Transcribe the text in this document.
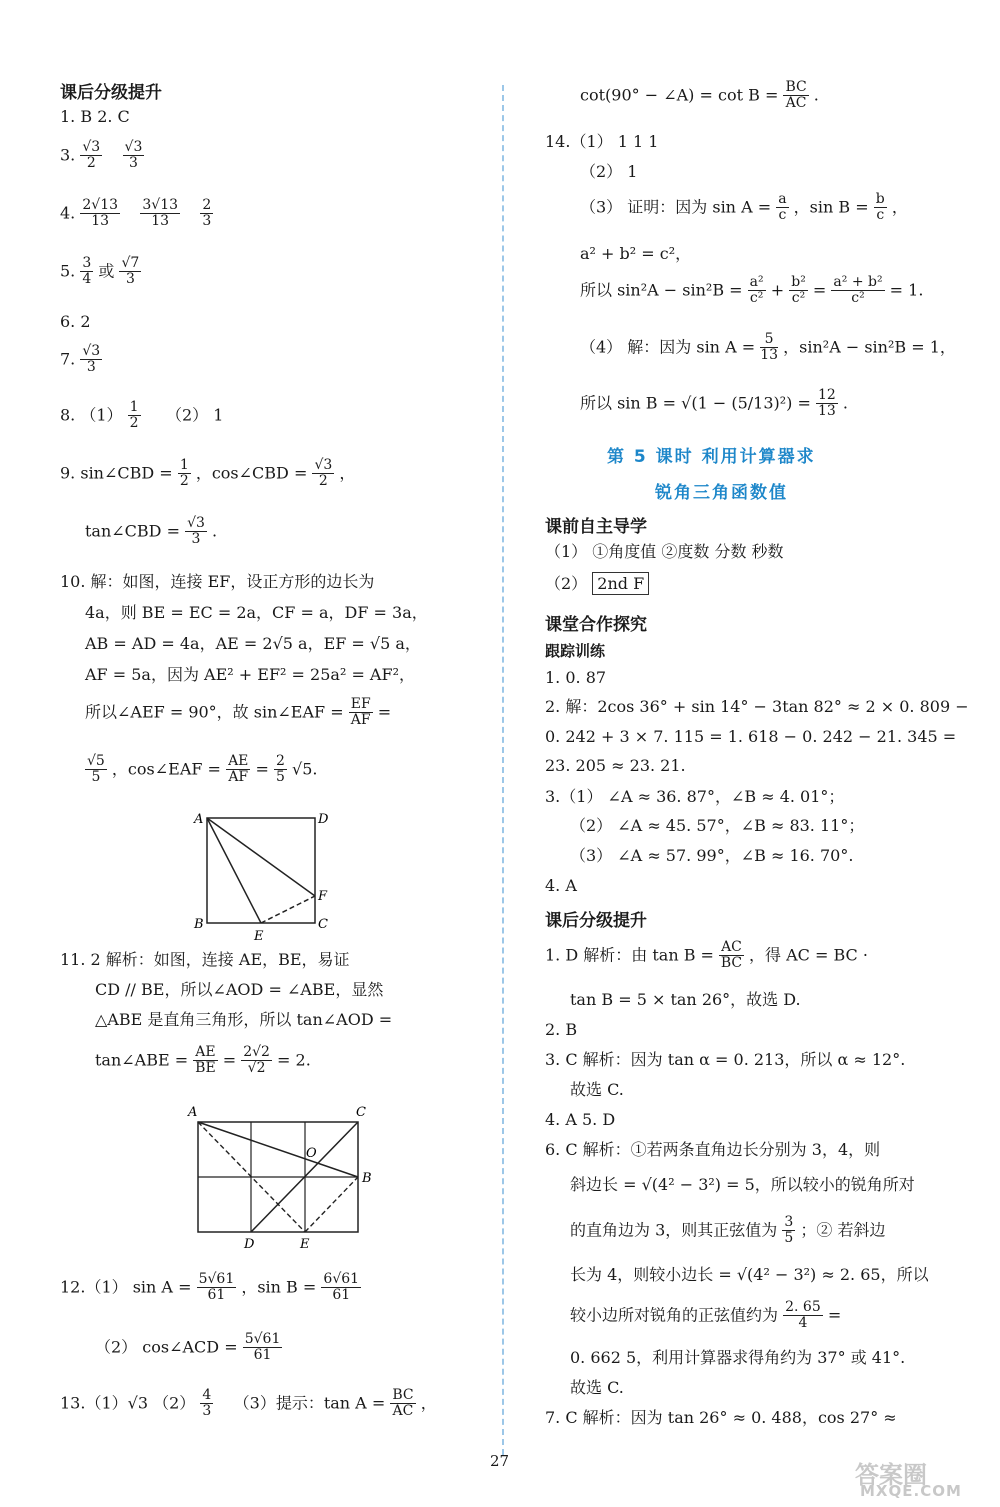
课后分级提升
1. B 2. C
3. $\frac{√3}{2}$
$\frac{√3}{3}$
4. $\frac{2√13}{13}$
$\frac{3√13}{13}$
$\frac{2}{3}$
5. $\frac{3}{4}$ 或 $\frac{√7}{3}$
6. 2
7. $\frac{√3}{3}$
8. $(1) \frac{1}{2} (2)$ 1
9. sin∠CBD = $\frac{1}{2}$ ，cos∠CBD = $\frac{√3}{2}$ ，
tan∠CBD = $\frac{√3}{3}$ .
10. 解：如图，连接 EF，设正方形的边长为
4a，则 BE = EC = 2a，CF = a，DF = 3a，
AB = AD = 4a，AE = 2√5 a，EF = √5 a，
AF = 5a，因为 AE² + EF² = 25a² = AF²，
所以∠AEF = 90°，故 sin∠EAF = $\frac{EF}{AF}$ =
$\frac{√5}{5}$ ，cos∠EAF = $\frac{AE}{AF} = \frac{2}{5} √5$.
A	D
B	C
E
F
11. 2 解析：如图，连接 AE，BE，易证
CD // BE，所以∠AOD = ∠ABE，显然
△ABE 是直角三角形，所以 tan∠AOD =
tan∠ABE = $\frac{AE}{BE} = \frac{2√2}{√2} = 2$.
A	C
B
D	E
O
12.（1） $\sin A = \frac{5√61}{61}$ ，$\sin B = \frac{6√61}{61}$
（2） cos∠ACD = $\frac{5√61}{61}$
13.（1）√3 $(2) \frac{4}{3} (3)$提示：$\tan A = \frac{BC}{AC}$ ，
cot(90° − ∠A) = $\cot B = \frac{BC}{AC}$ .
14.（1） 1 1 1
（2） 1
（3） 证明：因为 $\sin A = \frac{a}{c}$ ，$\sin B = \frac{b}{c}$ ，
a² + b² = c²，
所以 $\sin^2A - \sin^2B = \frac{\text{a²}}{\text{c²}} + \frac{\text{b²}}{\text{c²}} = \frac{\text{a² + b²}}{\text{c²}} = 1$.
（4） 解：因为 $\sin A = \frac{5}{13}$ ，sin²A − sin²B = 1，
所以 $\sin B = √(1 - (5/13)^2) = \frac{12}{13}$ .
第 5 课时 利用计算器求
锐角三角函数值
课前自主导学
（1） ①角度值 ②度数 分数 秒数
（2） 2nd F
课堂合作探究
跟踪训练
1. 0. 87
2. 解：2cos 36° + sin 14° − 3tan 82° ≈ 2 × 0. 809 −
0. 242 + 3 × 7. 115 = 1. 618 − 0. 242 − 21. 345 =
23. 205 ≈ 23. 21.
3.（1） ∠A ≈ 36. 87°，∠B ≈ 4. 01°；
（2） ∠A ≈ 45. 57°，∠B ≈ 83. 11°；
（3） ∠A ≈ 57. 99°，∠B ≈ 16. 70°.
4. A
课后分级提升
1. D 解析：由 $\tan B = \frac{AC}{BC}$ ，得 AC = BC ·
tan B = 5 × tan 26°，故选 D.
2. B
3. C 解析：因为 tan α = 0. 213，所以 α ≈ 12°.
故选 C.
4. A 5. D
6. C 解析：①若两条直角边长分别为 3，4，则
斜边长 = √(4² − 3²) = 5，所以较小的锐角所对
的直角边为 3，则其正弦值为 $\frac{3}{5}$ ；② 若斜边
长为 4，则较小边长 = √(4² − 3²) ≈ 2. 65，所以
较小边所对锐角的正弦值约为 $\frac{2. 65}{4}$ =
0. 662 5，利用计算器求得角约为 37° 或 41°.
故选 C.
7. C 解析：因为 tan 26° ≈ 0. 488，cos 27° ≈
27	答案圈
MXQE.COM
